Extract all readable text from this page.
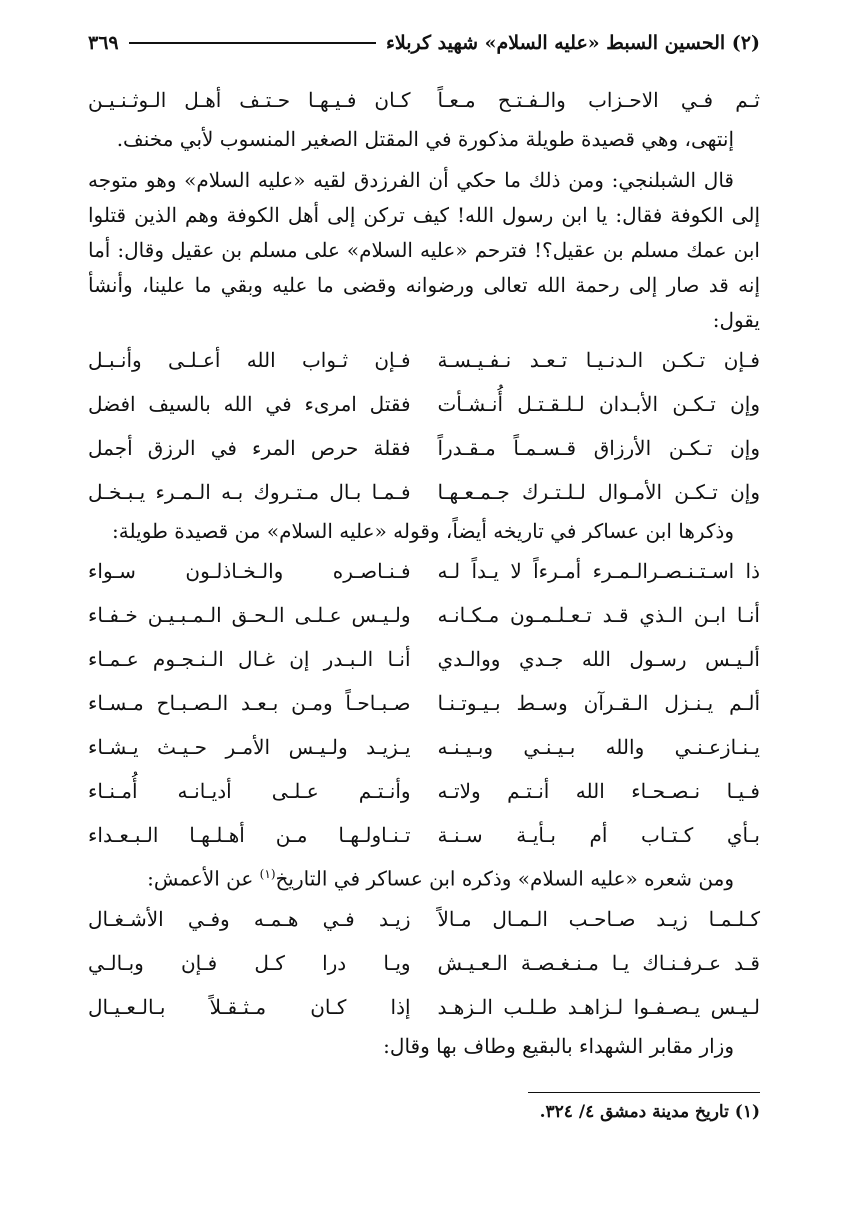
(٢) الحسين السبط «عليه السلام» شهيد كربلاء
٣٦٩
ثـم فـي الاحـزاب والـفـتـح مـعـاً
كـان فـيـهـا حـتـف أهـل الـوثـنـيـن

إنتهى، وهي قصيدة طويلة مذكورة في المقتل الصغير المنسوب لأبي مخنف.

قال الشبلنجي: ومن ذلك ما حكي أن الفرزدق لقيه «عليه السلام» وهو متوجه إلى الكوفة فقال: يا ابن رسول الله! كيف تركن إلى أهل الكوفة وهم الذين قتلوا ابن عمك مسلم بن عقيل؟! فترحم «عليه السلام» على مسلم بن عقيل وقال: أما إنه قد صار إلى رحمة الله تعالى ورضوانه وقضى ما عليه وبقي ما علينا، وأنشأ يقول:

فـإن تـكـن الـدنـيـا تـعـد نـفـيـسـة
فـإن ثـواب الله أعـلـى وأنـبـل
وإن تـكـن الأبـدان لـلـقـتـل أُنـشـأت
فقتل امرىء في الله بالسيف افضل
وإن تـكـن الأرزاق قـسـمـاً مـقـدراً
فقلة حرص المرء في الرزق أجمل
وإن تـكـن الأمـوال لـلـتـرك جـمـعـهـا
فـمـا بـال مـتـروك بـه الـمـرء يـبـخـل

وذكرها ابن عساكر في تاريخه أيضاً، وقوله «عليه السلام» من قصيدة طويلة:

ذا اسـتـنـصـرالـمـرء أمـرءاً لا يـداً لـه
فـنـاصـره والـخـاذلـون سـواء
أنـا ابـن الـذي قـد تـعـلـمـون مـكـانـه
ولـيـس عـلـى الـحـق الـمـبـيـن خـفـاء
ألـيـس رسـول الله جـدي ووالـدي
أنـا الـبـدر إن غـال الـنـجـوم عـمـاء
ألـم يـنـزل الـقـرآن وسـط بـيـوتـنـا
صـبـاحـاً ومـن بـعـد الـصـبـاح مـسـاء
يـنـازعـنـي والله بـيـنـي وبـيـنـه
يـزيـد ولـيـس الأمـر حـيـث يـشـاء
فـيـا نـصـحـاء الله أنـتـم ولاتـه
وأنـتـم عـلـى أديـانـه أُمـنـاء
بـأي كـتـاب أم بـأيـة سـنـة
تـنـاولـهـا مـن أهـلـهـا الـبـعـداء

ومن شعره «عليه السلام» وذكره ابن عساكر في التاريخ$^{(١)}$ عن الأعمش:

كـلـمـا زيـد صـاحـب الـمـال مـالاً
زيـد فـي هـمـه وفـي الأشـغـال
قـد عـرفـنـاك يـا مـنـغـصـة الـعـيـش
ويـا درا كـل فـإن وبـالـي
لـيـس يـصـفـوا لـزاهـد طـلـب الـزهـد
إذا كـان مـثـقـلاً بـالـعـيـال

وزار مقابر الشهداء بالبقيع وطاف بها وقال:

(١) تاريخ مدينة دمشق ٤/ ٣٢٤.
